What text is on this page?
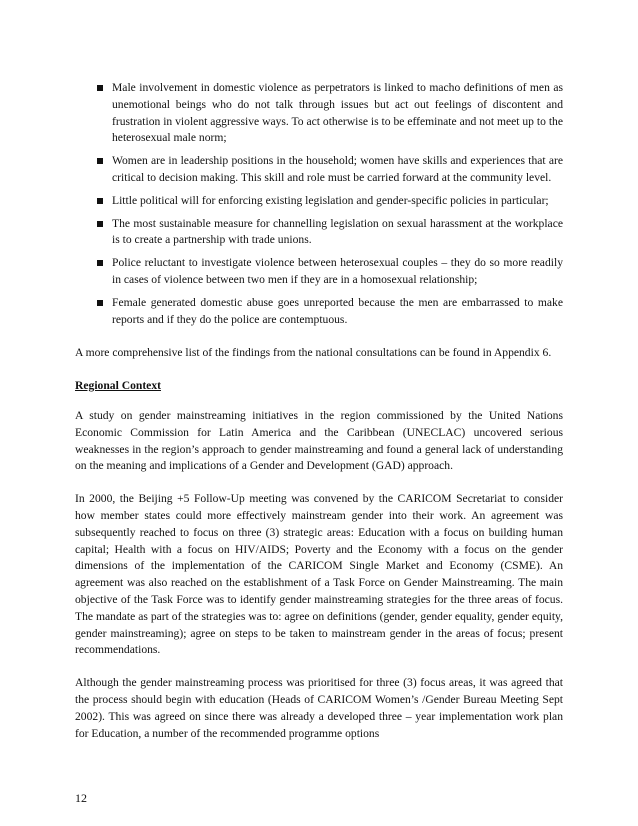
Male involvement in domestic violence as perpetrators is linked to macho definitions of men as unemotional beings who do not talk through issues but act out feelings of discontent and frustration in violent aggressive ways. To act otherwise is to be effeminate and not meet up to the heterosexual male norm;
Women are in leadership positions in the household; women have skills and experiences that are critical to decision making. This skill and role must be carried forward at the community level.
Little political will for enforcing existing legislation and gender-specific policies in particular;
The most sustainable measure for channelling legislation on sexual harassment at the workplace is to create a partnership with trade unions.
Police reluctant to investigate violence between heterosexual couples – they do so more readily in cases of violence between two men if they are in a homosexual relationship;
Female generated domestic abuse goes unreported because the men are embarrassed to make reports and if they do the police are contemptuous.

A more comprehensive list of the findings from the national consultations can be found in Appendix 6.

Regional Context

A study on gender mainstreaming initiatives in the region commissioned by the United Nations Economic Commission for Latin America and the Caribbean (UNECLAC) uncovered serious weaknesses in the region’s approach to gender mainstreaming and found a general lack of understanding on the meaning and implications of a Gender and Development (GAD) approach.

In 2000, the Beijing +5 Follow-Up meeting was convened by the CARICOM Secretariat to consider how member states could more effectively mainstream gender into their work. An agreement was subsequently reached to focus on three (3) strategic areas: Education with a focus on building human capital; Health with a focus on HIV/AIDS; Poverty and the Economy with a focus on the gender dimensions of the implementation of the CARICOM Single Market and Economy (CSME). An agreement was also reached on the establishment of a Task Force on Gender Mainstreaming. The main objective of the Task Force was to identify gender mainstreaming strategies for the three areas of focus. The mandate as part of the strategies was to: agree on definitions (gender, gender equality, gender equity, gender mainstreaming); agree on steps to be taken to mainstream gender in the areas of focus; present recommendations.

Although the gender mainstreaming process was prioritised for three (3) focus areas, it was agreed that the process should begin with education (Heads of CARICOM Women’s /Gender Bureau Meeting Sept 2002). This was agreed on since there was already a developed three – year implementation work plan for Education, a number of the recommended programme options

12
